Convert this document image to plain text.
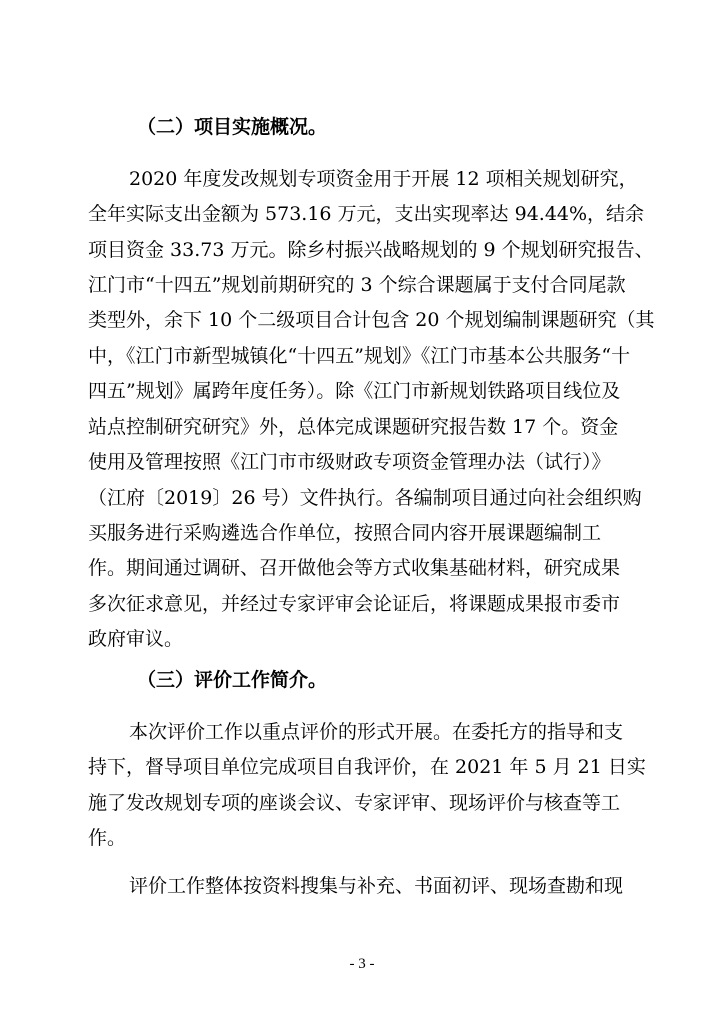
（二）项目实施概况。
2020 年度发改规划专项资金用于开展 12 项相关规划研究，
全年实际支出金额为 573.16 万元，支出实现率达 94.44%，结余
项目资金 33.73 万元。除乡村振兴战略规划的 9 个规划研究报告、
江门市“十四五”规划前期研究的 3 个综合课题属于支付合同尾款
类型外，余下 10 个二级项目合计包含 20 个规划编制课题研究（其
中，《江门市新型城镇化“十四五”规划》《江门市基本公共服务“十
四五”规划》属跨年度任务）。除《江门市新规划铁路项目线位及
站点控制研究研究》外，总体完成课题研究报告数 17 个。资金
使用及管理按照《江门市市级财政专项资金管理办法（试行）》
（江府〔2019〕26 号）文件执行。各编制项目通过向社会组织购
买服务进行采购遴选合作单位，按照合同内容开展课题编制工
作。期间通过调研、召开做他会等方式收集基础材料，研究成果
多次征求意见，并经过专家评审会论证后，将课题成果报市委市
政府审议。
（三）评价工作简介。
本次评价工作以重点评价的形式开展。在委托方的指导和支
持下，督导项目单位完成项目自我评价，在 2021 年 5 月 21 日实
施了发改规划专项的座谈会议、专家评审、现场评价与核查等工
作。
评价工作整体按资料搜集与补充、书面初评、现场查勘和现
- 3 -
